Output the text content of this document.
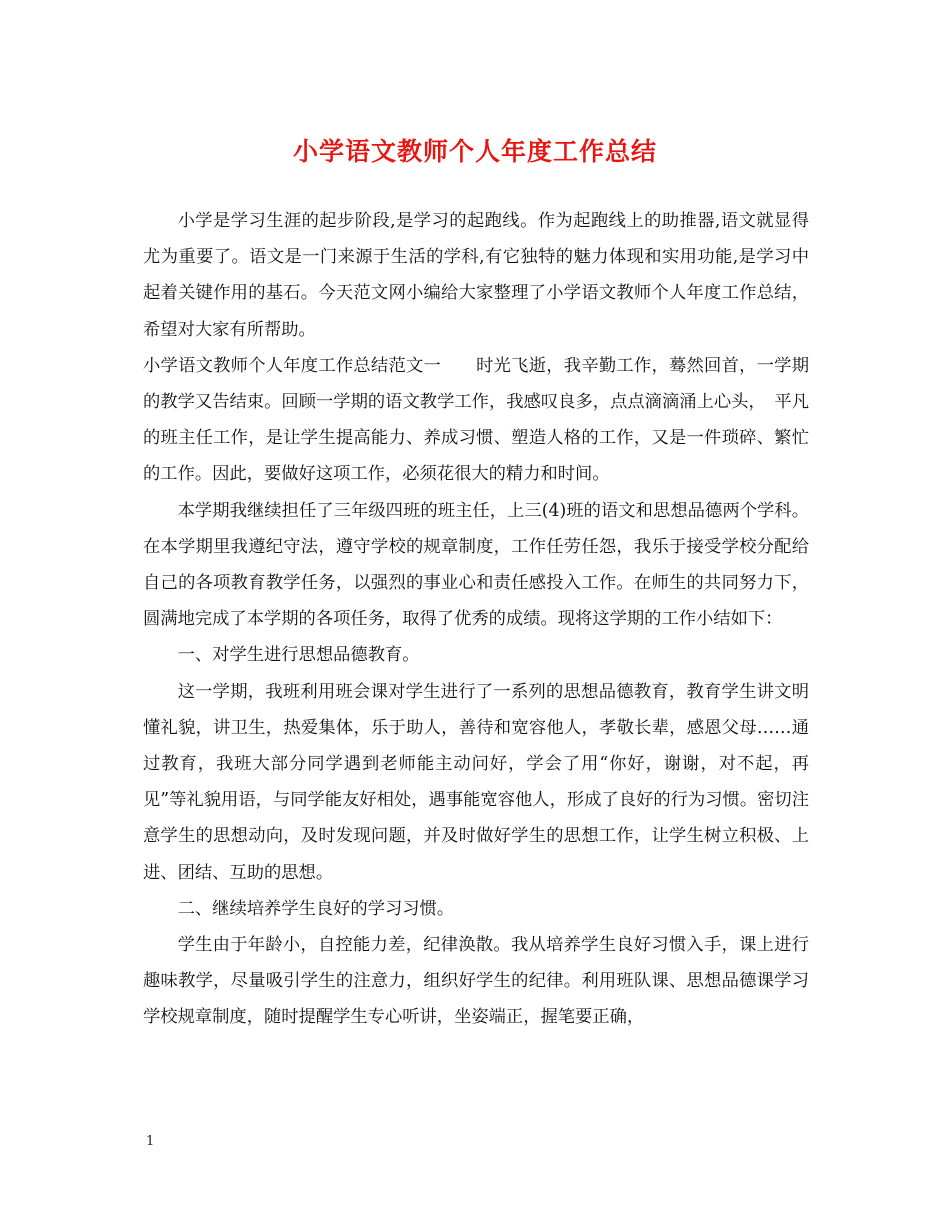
小学语文教师个人年度工作总结

小学是学习生涯的起步阶段,是学习的起跑线。作为起跑线上的助推器,语文就显得尤为重要了。语文是一门来源于生活的学科,有它独特的魅力体现和实用功能,是学习中起着关键作用的基石。今天范文网小编给大家整理了小学语文教师个人年度工作总结，希望对大家有所帮助。

小学语文教师个人年度工作总结范文一　　时光飞逝，我辛勤工作，蓦然回首，一学期的教学又告结束。回顾一学期的语文教学工作，我感叹良多，点点滴滴涌上心头，　平凡的班主任工作，是让学生提高能力、养成习惯、塑造人格的工作，又是一件琐碎、繁忙的工作。因此，要做好这项工作，必须花很大的精力和时间。

本学期我继续担任了三年级四班的班主任，上三(4)班的语文和思想品德两个学科。在本学期里我遵纪守法，遵守学校的规章制度，工作任劳任怨，我乐于接受学校分配给自己的各项教育教学任务，以强烈的事业心和责任感投入工作。在师生的共同努力下，圆满地完成了本学期的各项任务，取得了优秀的成绩。现将这学期的工作小结如下：

一、对学生进行思想品德教育。

这一学期，我班利用班会课对学生进行了一系列的思想品德教育，教育学生讲文明懂礼貌，讲卫生，热爱集体，乐于助人，善待和宽容他人，孝敬长辈，感恩父母……通过教育，我班大部分同学遇到老师能主动问好，学会了用“你好，谢谢，对不起，再见”等礼貌用语，与同学能友好相处，遇事能宽容他人，形成了良好的行为习惯。密切注意学生的思想动向，及时发现问题，并及时做好学生的思想工作，让学生树立积极、上进、团结、互助的思想。

二、继续培养学生良好的学习习惯。

学生由于年龄小，自控能力差，纪律涣散。我从培养学生良好习惯入手，课上进行趣味教学，尽量吸引学生的注意力，组织好学生的纪律。利用班队课、思想品德课学习学校规章制度，随时提醒学生专心听讲，坐姿端正，握笔要正确，

1
